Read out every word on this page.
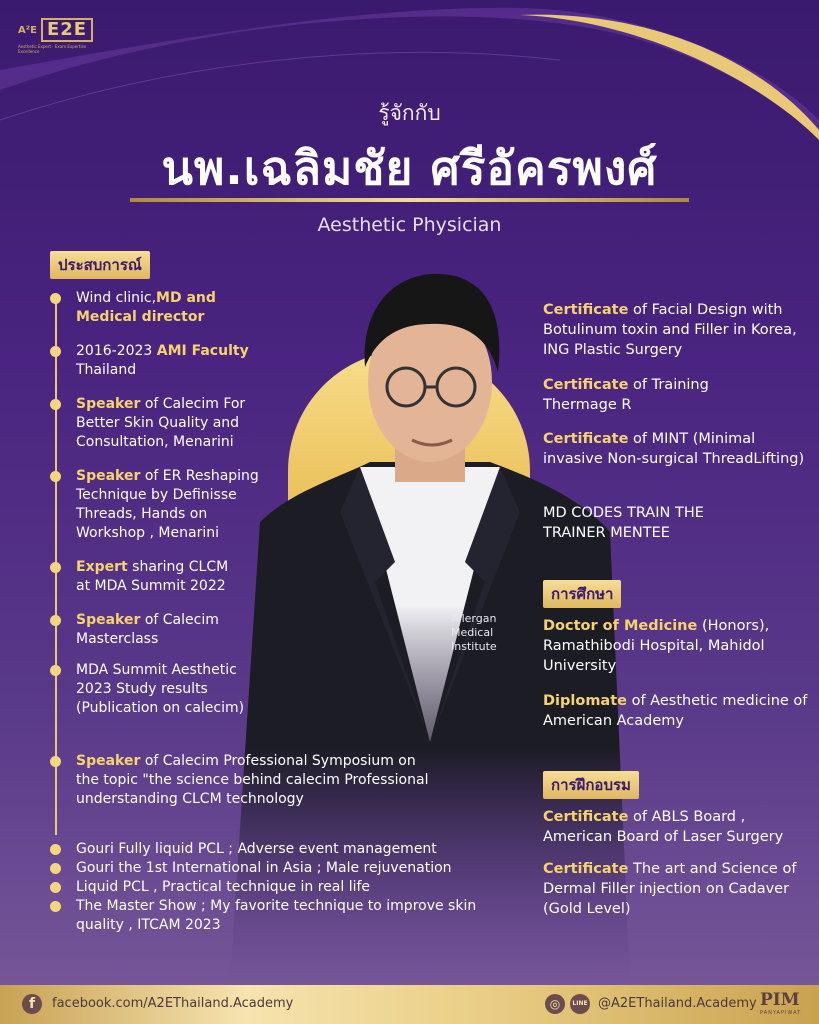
A²E E2E
Aesthetic Expert · Exam Expertise Excellence
รู้จักกับ
นพ.เฉลิมชัย ศรีอัครพงศ์
Aesthetic Physician
ประสบการณ์
Allergan Medical Institute
Wind clinic,MD and Medical director
2016-2023 AMI Faculty Thailand
Speaker of Calecim For Better Skin Quality and Consultation, Menarini
Speaker of ER Reshaping Technique by Definisse Threads, Hands on Workshop , Menarini
Expert sharing CLCM at MDA Summit 2022
Speaker of Calecim Masterclass
MDA Summit Aesthetic 2023 Study results (Publication on calecim)
Speaker of Calecim Professional Symposium on the topic "the science behind calecim Professional understanding CLCM technology
Gouri Fully liquid PCL ; Adverse event management
Gouri the 1st International in Asia ; Male rejuvenation
Liquid PCL , Practical technique in real life
The Master Show ; My favorite technique to improve skin quality , ITCAM 2023
Certificate of Facial Design with Botulinum toxin and Filler in Korea, ING Plastic Surgery
Certificate of Training Thermage R
Certificate of MINT (Minimal invasive Non-surgical ThreadLifting)
MD CODES TRAIN THE TRAINER MENTEE
การศึกษา
Doctor of Medicine (Honors), Ramathibodi Hospital, Mahidol University
Diplomate of Aesthetic medicine of American Academy
การฝึกอบรม
Certificate of ABLS Board , American Board of Laser Surgery
Certificate The art and Science of Dermal Filler injection on Cadaver (Gold Level)
f	facebook.com/A2EThailand.Academy	◎	LINE @A2EThailand.Academy PIM
PANYAPIWAT
